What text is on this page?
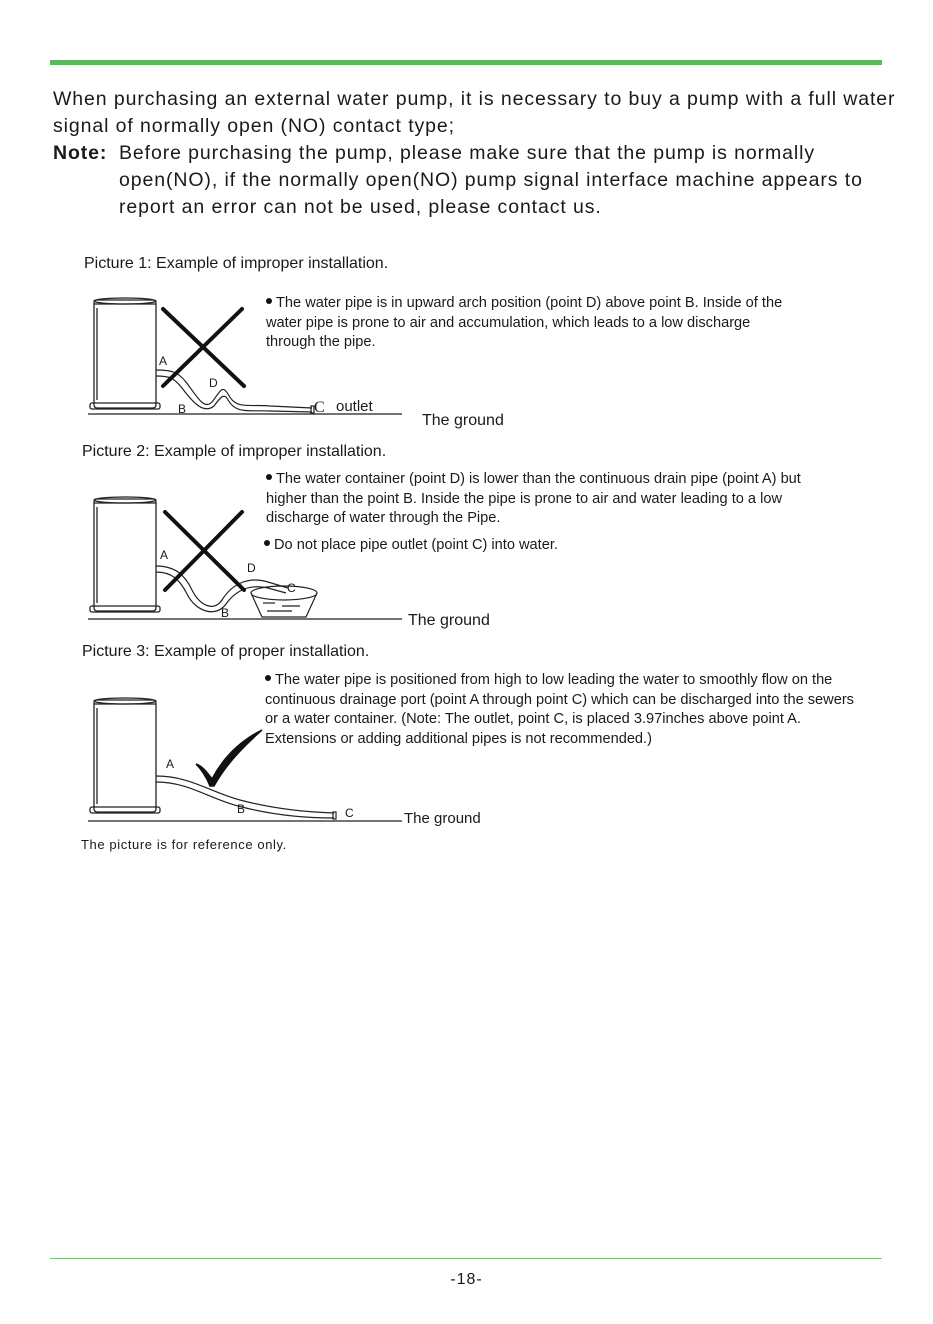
When purchasing an external water pump, it is necessary to buy a pump with a full water signal of normally open (NO) contact type;

Note: Before purchasing the pump, please make sure that the pump is normally open(NO), if the normally open(NO) pump signal interface machine appears to report an error can not be used, please contact us.

Picture 1: Example of improper installation.
The water pipe is in upward arch position (point D) above point B. Inside of the water pipe is prone to air and accumulation, which leads to a low discharge through the pipe.
A
D
B	C outlet
The ground
Picture 2: Example of improper installation.
The water container (point D) is lower than the continuous drain pipe (point A) but higher than the point B. Inside the pipe is prone to air and water leading to a low discharge of water through the Pipe.
Do not place pipe outlet (point C) into water.
A
D
C
B	The ground
Picture 3: Example of proper installation.
The water pipe is positioned from high to low leading the water to smoothly flow on the continuous drainage port (point A through point C) which can be discharged into the sewers or a water container. (Note: The outlet, point C, is placed 3.97inches above point A. Extensions or adding additional pipes is not recommended.)
A
B	C	The ground
The picture is for reference only.
-18-
